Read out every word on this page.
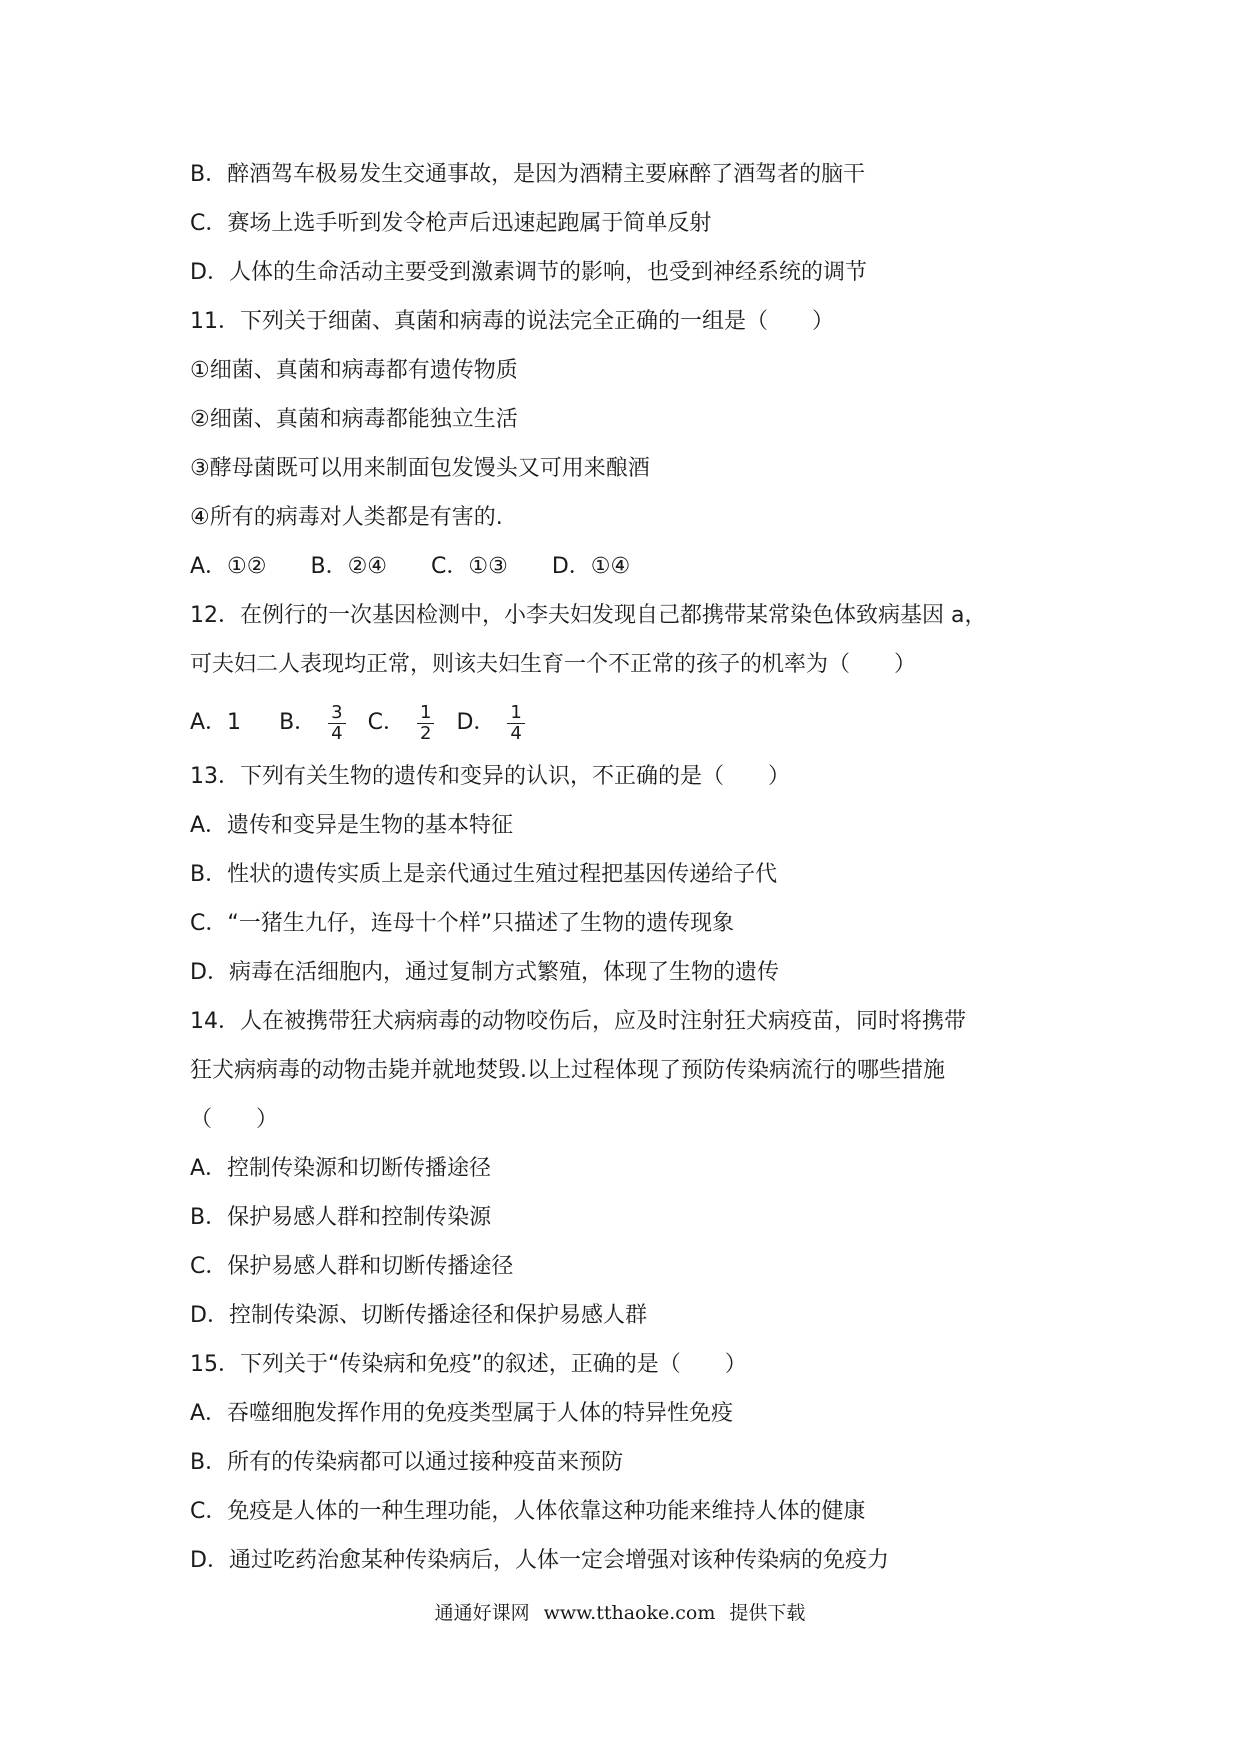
B．醉酒驾车极易发生交通事故，是因为酒精主要麻醉了酒驾者的脑干
C．赛场上选手听到发令枪声后迅速起跑属于简单反射
D．人体的生命活动主要受到激素调节的影响，也受到神经系统的调节
11．下列关于细菌、真菌和病毒的说法完全正确的一组是（　　）
①细菌、真菌和病毒都有遗传物质
②细菌、真菌和病毒都能独立生活
③酵母菌既可以用来制面包发馒头又可用来酿酒
④所有的病毒对人类都是有害的.
A．①②　　B．②④　　C．①③　　D．①④
12．在例行的一次基因检测中，小李夫妇发现自己都携带某常染色体致病基因 a，
可夫妇二人表现均正常，则该夫妇生育一个不正常的孩子的机率为（　　）
A．1 B． $\frac{3}{4}$ C． $\frac{1}{2}$ D． $\frac{1}{4}$
13．下列有关生物的遗传和变异的认识，不正确的是（　　）
A．遗传和变异是生物的基本特征
B．性状的遗传实质上是亲代通过生殖过程把基因传递给子代
C．“一猪生九仔，连母十个样”只描述了生物的遗传现象
D．病毒在活细胞内，通过复制方式繁殖，体现了生物的遗传
14．人在被携带狂犬病病毒的动物咬伤后，应及时注射狂犬病疫苗，同时将携带
狂犬病病毒的动物击毙并就地焚毁.以上过程体现了预防传染病流行的哪些措施
（　　）
A．控制传染源和切断传播途径
B．保护易感人群和控制传染源
C．保护易感人群和切断传播途径
D．控制传染源、切断传播途径和保护易感人群
15．下列关于“传染病和免疫”的叙述，正确的是（　　）
A．吞噬细胞发挥作用的免疫类型属于人体的特异性免疫
B．所有的传染病都可以通过接种疫苗来预防
C．免疫是人体的一种生理功能，人体依靠这种功能来维持人体的健康
D．通过吃药治愈某种传染病后，人体一定会增强对该种传染病的免疫力
通通好课网 www.tthaoke.com 提供下载
